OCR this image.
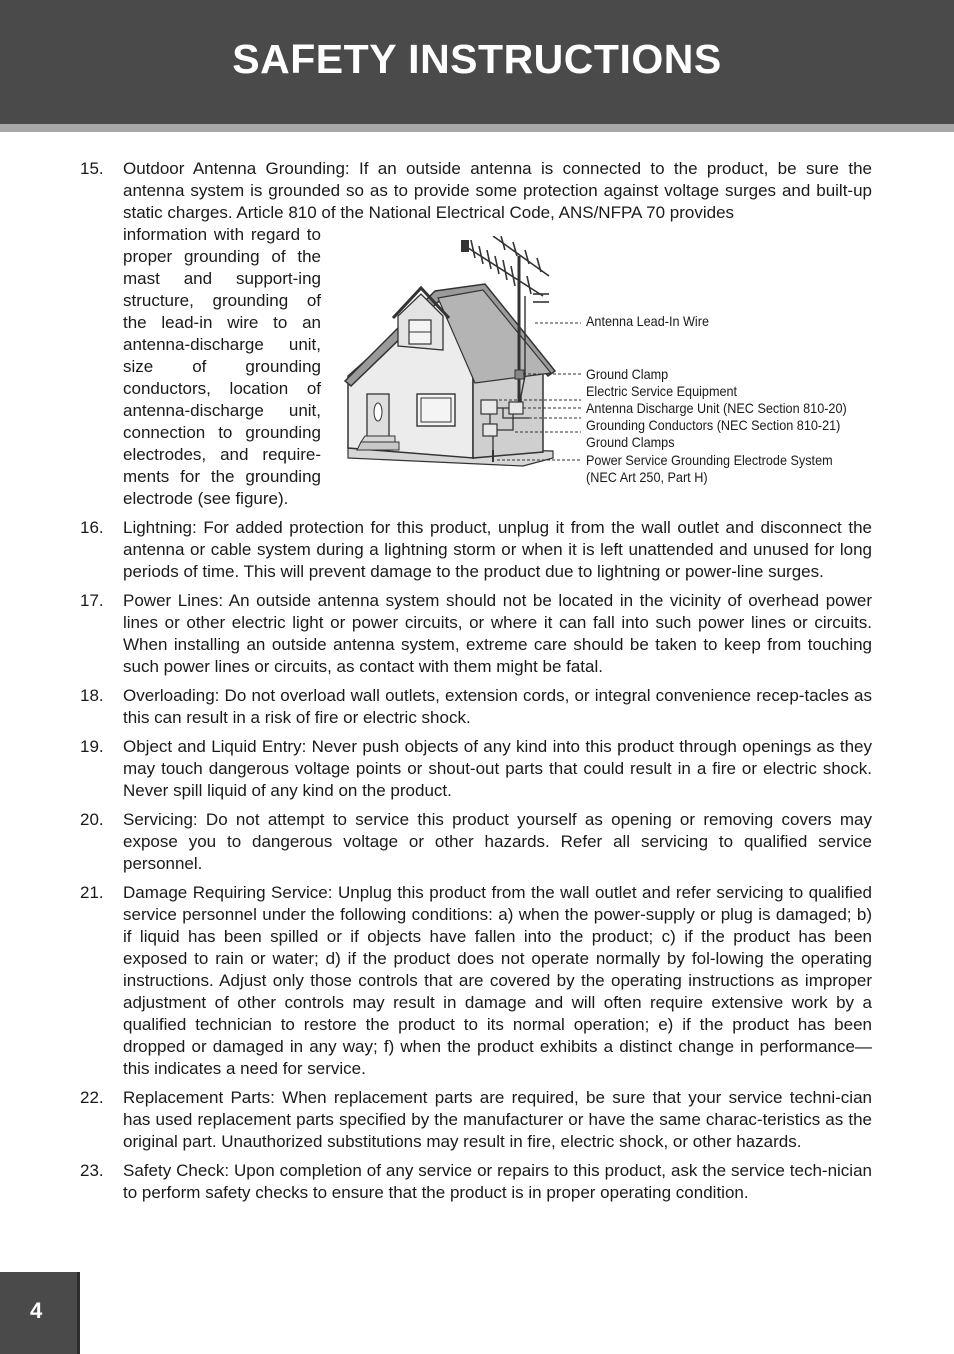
SAFETY INSTRUCTIONS
15. Outdoor Antenna Grounding: If an outside antenna is connected to the product, be sure the antenna system is grounded so as to provide some protection against voltage surges and built-up static charges. Article 810 of the National Electrical Code, ANS/NFPA 70 provides
information with regard to proper grounding of the mast and support-ing structure, grounding of the lead-in wire to an antenna-discharge unit, size of grounding conductors, location of antenna-discharge unit, connection to grounding electrodes, and require-ments for the grounding electrode (see figure).
Antenna Lead-In Wire
Ground Clamp
Electric Service Equipment
Antenna Discharge Unit (NEC Section 810-20)
Grounding Conductors (NEC Section 810-21)
Ground Clamps
Power Service Grounding Electrode System
(NEC Art 250, Part H)
16. Lightning: For added protection for this product, unplug it from the wall outlet and disconnect the antenna or cable system during a lightning storm or when it is left unattended and unused for long periods of time. This will prevent damage to the product due to lightning or power-line surges.
17. Power Lines: An outside antenna system should not be located in the vicinity of overhead power lines or other electric light or power circuits, or where it can fall into such power lines or circuits. When installing an outside antenna system, extreme care should be taken to keep from touching such power lines or circuits, as contact with them might be fatal.
18. Overloading: Do not overload wall outlets, extension cords, or integral convenience recep-tacles as this can result in a risk of fire or electric shock.
19. Object and Liquid Entry: Never push objects of any kind into this product through openings as they may touch dangerous voltage points or shout-out parts that could result in a fire or electric shock. Never spill liquid of any kind on the product.
20. Servicing: Do not attempt to service this product yourself as opening or removing covers may expose you to dangerous voltage or other hazards. Refer all servicing to qualified service personnel.
21. Damage Requiring Service: Unplug this product from the wall outlet and refer servicing to qualified service personnel under the following conditions: a) when the power-supply or plug is damaged; b) if liquid has been spilled or if objects have fallen into the product; c) if the product has been exposed to rain or water; d) if the product does not operate normally by fol-lowing the operating instructions. Adjust only those controls that are covered by the operating instructions as improper adjustment of other controls may result in damage and will often require extensive work by a qualified technician to restore the product to its normal operation; e) if the product has been dropped or damaged in any way; f) when the product exhibits a distinct change in performance—this indicates a need for service.
22. Replacement Parts: When replacement parts are required, be sure that your service techni-cian has used replacement parts specified by the manufacturer or have the same charac-teristics as the original part. Unauthorized substitutions may result in fire, electric shock, or other hazards.
23. Safety Check: Upon completion of any service or repairs to this product, ask the service tech-nician to perform safety checks to ensure that the product is in proper operating condition.
4
